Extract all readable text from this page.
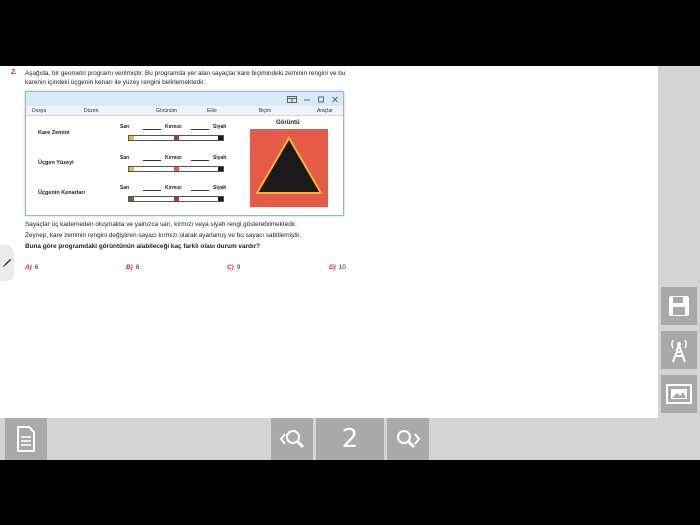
2. Aşağıda, bir geometri programı verilmiştir. Bu programda yer alan sayaçlar kare biçimindeki zeminin rengini ve bu karenin içindeki üçgenin kenarı ile yüzey rengini belirlemektedir.
Dosya	Düzen	Görünüm	Ekle	Biçim	Araçlar
Kare Zemini
Sarı	Kırmızı	Siyah
Üçgen Yüzeyi
Sarı	Kırmızı	Siyah
Üçgenin Kenarları
Sarı	Kırmızı	Siyah
Görüntü
Sayaçlar üç kademeden oluşmakta ve yalnızca sarı, kırmızı veya siyah rengi gösterebilmektedir.
Zeynep, kare zeminin rengini değiştiren sayacı kırmızı olarak ayarlamış ve bu sayacı sabitlemiştir.
Buna göre programdaki görüntünün alabileceği kaç farklı olası durum vardır?
A) 6	B) 8	C) 9	D) 10
2
